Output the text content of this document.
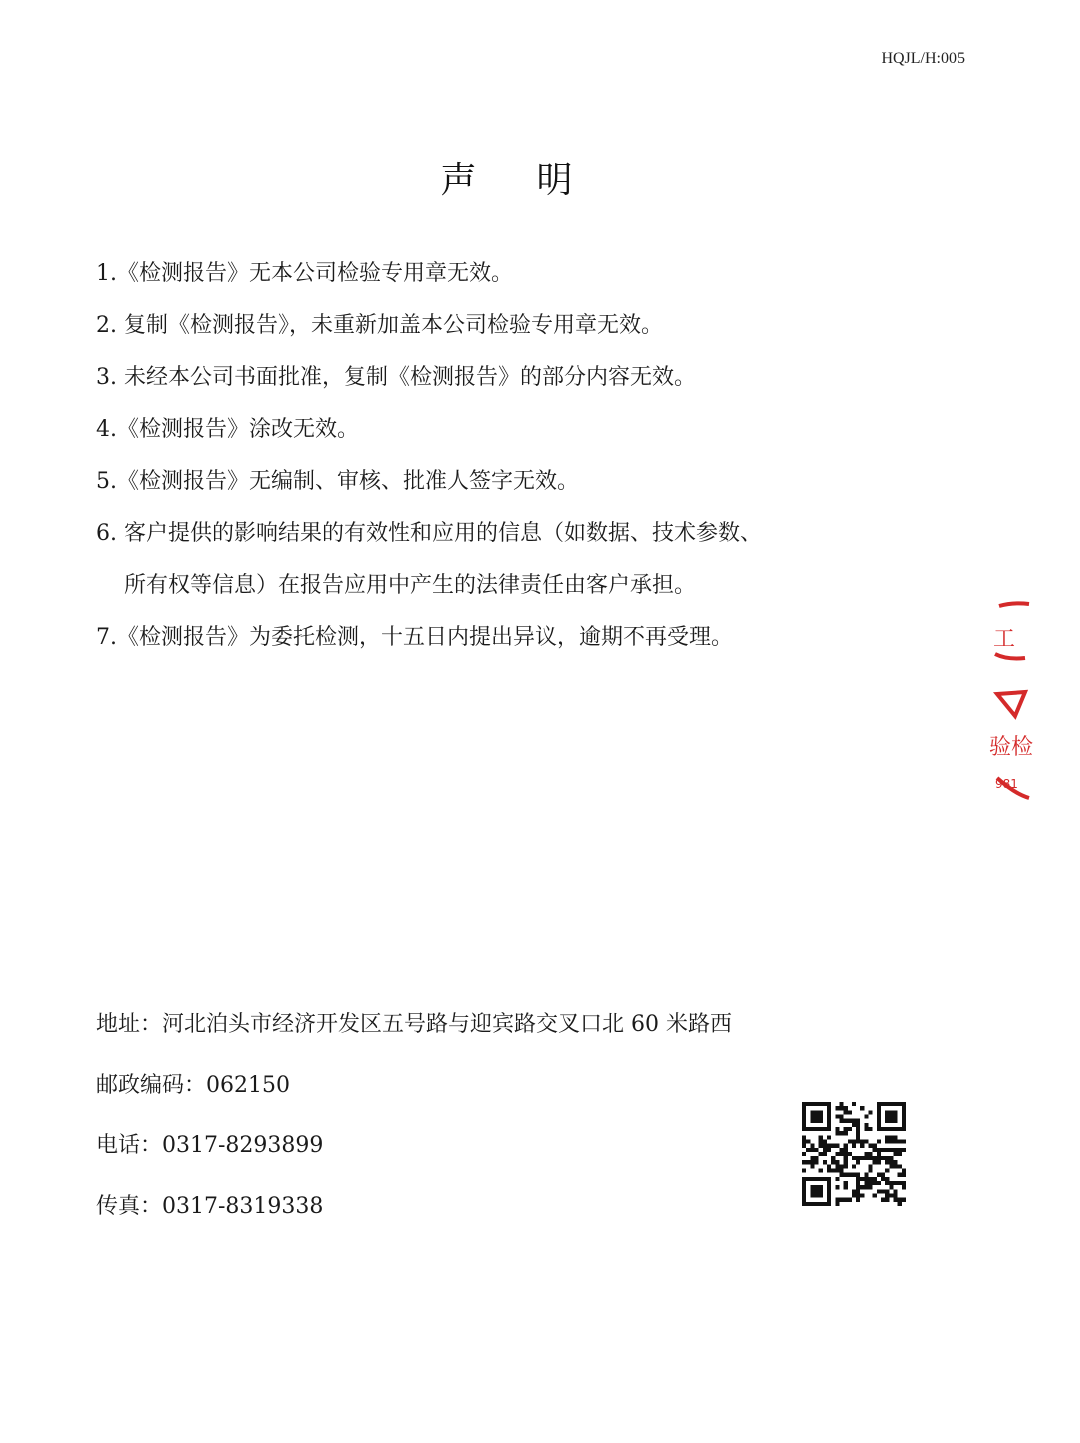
HQJL/H:005
声明
1.《检测报告》无本公司检验专用章无效。
2. 复制《检测报告》，未重新加盖本公司检验专用章无效。
3. 未经本公司书面批准，复制《检测报告》的部分内容无效。
4.《检测报告》涂改无效。
5.《检测报告》无编制、审核、批准人签字无效。
6. 客户提供的影响结果的有效性和应用的信息（如数据、技术参数、
所有权等信息）在报告应用中产生的法律责任由客户承担。
7.《检测报告》为委托检测，十五日内提出异议，逾期不再受理。
地址：河北泊头市经济开发区五号路与迎宾路交叉口北 60 米路西
邮政编码：062150
电话：0317-8293899
传真：0317-8319338
工
验检
981
